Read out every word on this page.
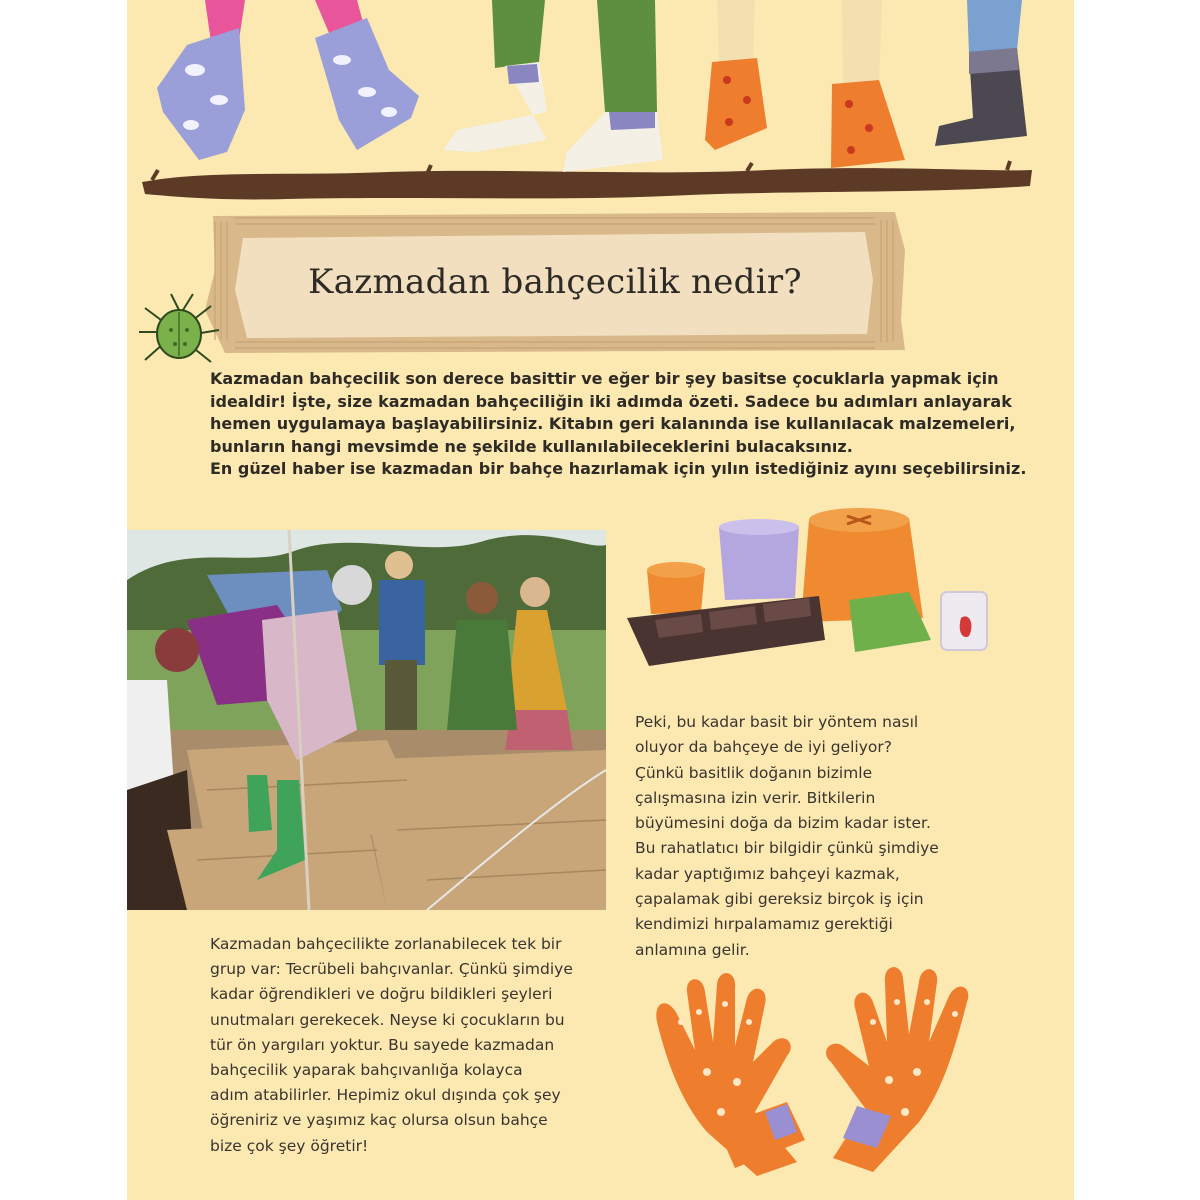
Kazmadan bahçecilik nedir?

Kazmadan bahçecilik son derece basittir ve eğer bir şey basitse çocuklarla yapmak için

idealdir! İşte, size kazmadan bahçeciliğin iki adımda özeti. Sadece bu adımları anlayarak

hemen uygulamaya başlayabilirsiniz. Kitabın geri kalanında ise kullanılacak malzemeleri,

bunların hangi mevsimde ne şekilde kullanılabileceklerini bulacaksınız.

En güzel haber ise kazmadan bir bahçe hazırlamak için yılın istediğiniz ayını seçebilirsiniz.

Peki, bu kadar basit bir yöntem nasıl

oluyor da bahçeye de iyi geliyor?

Çünkü basitlik doğanın bizimle

çalışmasına izin verir. Bitkilerin

büyümesini doğa da bizim kadar ister.

Bu rahatlatıcı bir bilgidir çünkü şimdiye

kadar yaptığımız bahçeyi kazmak,

çapalamak gibi gereksiz birçok iş için

kendimizi hırpalamamız gerektiği

anlamına gelir.

Kazmadan bahçecilikte zorlanabilecek tek bir

grup var: Tecrübeli bahçıvanlar. Çünkü şimdiye

kadar öğrendikleri ve doğru bildikleri şeyleri

unutmaları gerekecek. Neyse ki çocukların bu

tür ön yargıları yoktur. Bu sayede kazmadan

bahçecilik yaparak bahçıvanlığa kolayca

adım atabilirler. Hepimiz okul dışında çok şey

öğreniriz ve yaşımız kaç olursa olsun bahçe

bize çok şey öğretir!
